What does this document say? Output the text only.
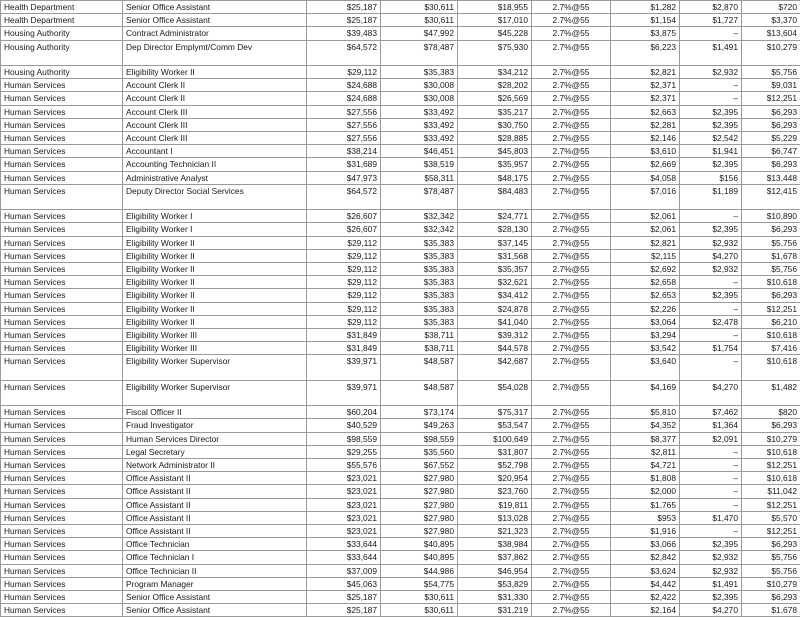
Health Department	Senior Office Assistant	$25,187	$30,611	$18,955	2.7%@55	$1,282	$2,870	$720
Health Department	Senior Office Assistant	$25,187	$30,611	$17,010	2.7%@55	$1,154	$1,727	$3,370
Housing Authority	Contract Administrator	$39,483	$47,992	$45,228	2.7%@55	$3,875	–	$13,604
Housing Authority	Dep Director Emplymt/Comm Dev	$64,572	$78,487	$75,930	2.7%@55	$6,223	$1,491	$10,279
Housing Authority	Eligibility Worker II	$29,112	$35,383	$34,212	2.7%@55	$2,821	$2,932	$5,756
Human Services	Account Clerk II	$24,688	$30,008	$28,202	2.7%@55	$2,371	–	$9,031
Human Services	Account Clerk II	$24,688	$30,008	$26,569	2.7%@55	$2,371	–	$12,251
Human Services	Account Clerk III	$27,556	$33,492	$35,217	2.7%@55	$2,663	$2,395	$6,293
Human Services	Account Clerk III	$27,556	$33,492	$30,750	2.7%@55	$2,281	$2,395	$6,293
Human Services	Account Clerk III	$27,556	$33,492	$28,885	2.7%@55	$2,146	$2,542	$5,229
Human Services	Accountant I	$38,214	$46,451	$45,803	2.7%@55	$3,610	$1,941	$6,747
Human Services	Accounting Technician II	$31,689	$38,519	$35,957	2.7%@55	$2,669	$2,395	$6,293
Human Services	Administrative Analyst	$47,973	$58,311	$48,175	2.7%@55	$4,058	$156	$13,448
Human Services	Deputy Director Social Services	$64,572	$78,487	$84,483	2.7%@55	$7,016	$1,189	$12,415
Human Services	Eligibility Worker I	$26,607	$32,342	$24,771	2.7%@55	$2,061	–	$10,890
Human Services	Eligibility Worker I	$26,607	$32,342	$28,130	2.7%@55	$2,061	$2,395	$6,293
Human Services	Eligibility Worker II	$29,112	$35,383	$37,145	2.7%@55	$2,821	$2,932	$5,756
Human Services	Eligibility Worker II	$29,112	$35,383	$31,568	2.7%@55	$2,115	$4,270	$1,678
Human Services	Eligibility Worker II	$29,112	$35,383	$35,357	2.7%@55	$2,692	$2,932	$5,756
Human Services	Eligibility Worker II	$29,112	$35,383	$32,621	2.7%@55	$2,658	–	$10,618
Human Services	Eligibility Worker II	$29,112	$35,383	$34,412	2.7%@55	$2,653	$2,395	$6,293
Human Services	Eligibility Worker II	$29,112	$35,383	$24,878	2.7%@55	$2,226	–	$12,251
Human Services	Eligibility Worker II	$29,112	$35,383	$41,040	2.7%@55	$3,064	$2,478	$6,210
Human Services	Eligibility Worker III	$31,849	$38,711	$39,312	2.7%@55	$3,294	–	$10,618
Human Services	Eligibility Worker III	$31,849	$38,711	$44,578	2.7%@55	$3,542	$1,754	$7,416
Human Services	Eligibility Worker Supervisor	$39,971	$48,587	$42,687	2.7%@55	$3,640	–	$10,618
Human Services	Eligibility Worker Supervisor	$39,971	$48,587	$54,028	2.7%@55	$4,169	$4,270	$1,482
Human Services	Fiscal Officer II	$60,204	$73,174	$75,317	2.7%@55	$5,810	$7,462	$820
Human Services	Fraud Investigator	$40,529	$49,263	$53,547	2.7%@55	$4,352	$1,364	$6,293
Human Services	Human Services Director	$98,559	$98,559	$100,649	2.7%@55	$8,377	$2,091	$10,279
Human Services	Legal Secretary	$29,255	$35,560	$31,807	2.7%@55	$2,811	–	$10,618
Human Services	Network Administrator II	$55,576	$67,552	$52,798	2.7%@55	$4,721	–	$12,251
Human Services	Office Assistant II	$23,021	$27,980	$20,954	2.7%@55	$1,808	–	$10,618
Human Services	Office Assistant II	$23,021	$27,980	$23,760	2.7%@55	$2,000	–	$11,042
Human Services	Office Assistant II	$23,021	$27,980	$19,811	2.7%@55	$1,765	–	$12,251
Human Services	Office Assistant II	$23,021	$27,980	$13,028	2.7%@55	$953	$1,470	$5,570
Human Services	Office Assistant II	$23,021	$27,980	$21,323	2.7%@55	$1,916	–	$12,251
Human Services	Office Technician	$33,644	$40,895	$38,984	2.7%@55	$3,066	$2,395	$6,293
Human Services	Office Technician I	$33,644	$40,895	$37,862	2.7%@55	$2,842	$2,932	$5,756
Human Services	Office Technician II	$37,009	$44,986	$46,954	2.7%@55	$3,624	$2,932	$5,756
Human Services	Program Manager	$45,063	$54,775	$53,829	2.7%@55	$4,442	$1,491	$10,279
Human Services	Senior Office Assistant	$25,187	$30,611	$31,330	2.7%@55	$2,422	$2,395	$6,293
Human Services	Senior Office Assistant	$25,187	$30,611	$31,219	2.7%@55	$2,164	$4,270	$1,678
